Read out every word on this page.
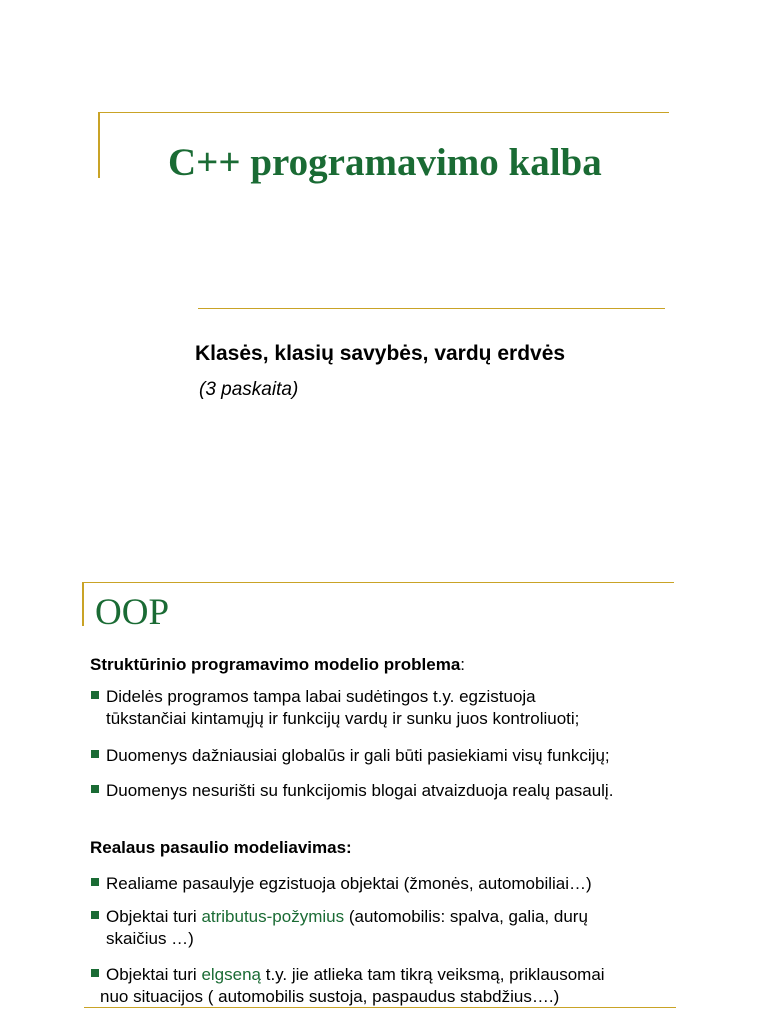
C++ programavimo kalba
Klasės, klasių savybės, vardų erdvės
(3 paskaita)
OOP
Struktūrinio programavimo modelio problema:
Didelės programos tampa labai sudėtingos t.y. egzistuoja
tūkstančiai kintamųjų ir funkcijų vardų ir sunku juos kontroliuoti;
Duomenys dažniausiai globalūs ir gali būti pasiekiami visų funkcijų;
Duomenys nesurišti su funkcijomis blogai atvaizduoja realų pasaulį.
Realaus pasaulio modeliavimas:
Realiame pasaulyje egzistuoja objektai (žmonės, automobiliai…)
Objektai turi atributus-požymius (automobilis: spalva, galia, durų
skaičius …)
Objektai turi elgseną t.y. jie atlieka tam tikrą veiksmą, priklausomai
nuo situacijos ( automobilis sustoja, paspaudus stabdžius….)
